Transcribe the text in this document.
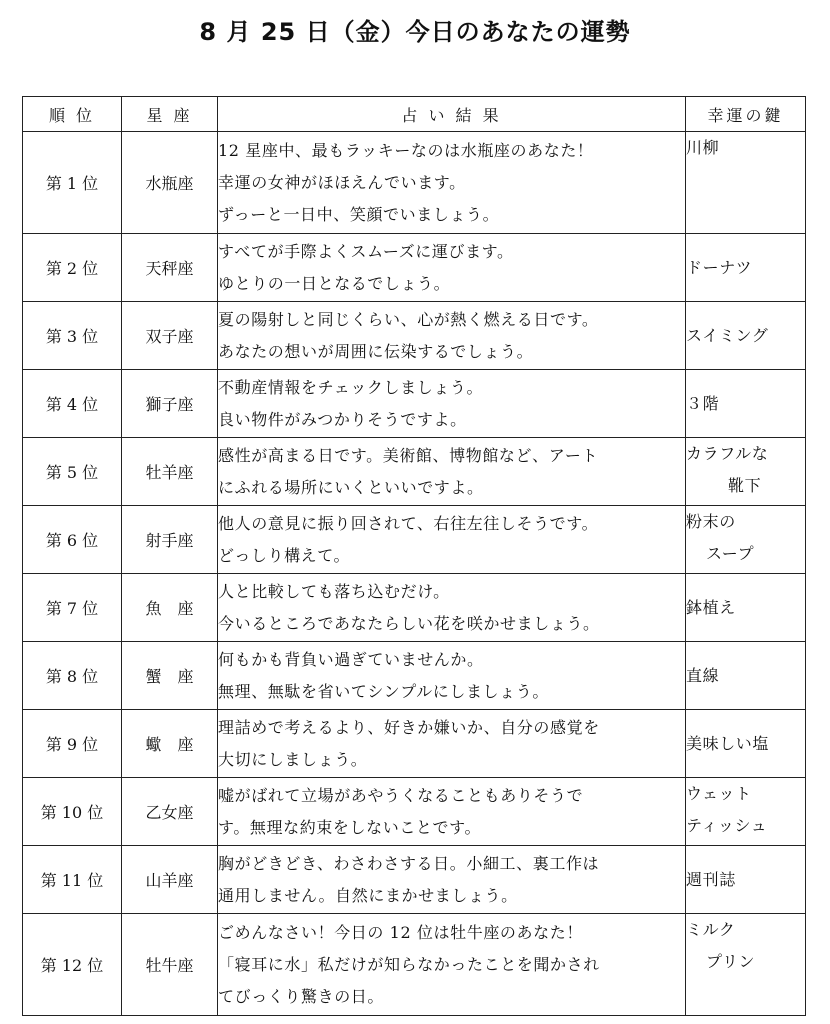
8 月 25 日（金）今日のあなたの運勢
順 位	星 座	占 い 結 果	幸運の鍵
第 1 位	水瓶座	12 星座中、最もラッキーなのは水瓶座のあなた！
幸運の女神がほほえんでいます。
ずっーと一日中、笑顔でいましょう。	川柳

第 2 位	天秤座	すべてが手際よくスムーズに運びます。
ゆとりの一日となるでしょう。	ドーナツ

第 3 位	双子座	夏の陽射しと同じくらい、心が熱く燃える日です。
あなたの想いが周囲に伝染するでしょう。	スイミング

第 4 位	獅子座	不動産情報をチェックしましょう。
良い物件がみつかりそうですよ。	３階

第 5 位	牡羊座	感性が高まる日です。美術館、博物館など、アート
にふれる場所にいくといいですよ。	カラフルな
靴下

第 6 位	射手座	他人の意見に振り回されて、右往左往しそうです。
どっしり構えて。	粉末の
スープ

第 7 位	魚　座	人と比較しても落ち込むだけ。
今いるところであなたらしい花を咲かせましょう。	鉢植え

第 8 位	蟹　座	何もかも背負い過ぎていませんか。
無理、無駄を省いてシンプルにしましょう。	直線

第 9 位	蠍　座	理詰めで考えるより、好きか嫌いか、自分の感覚を
大切にしましょう。	美味しい塩

第 10 位	乙女座	嘘がばれて立場があやうくなることもありそうで
す。無理な約束をしないことです。	ウェット
ティッシュ

第 11 位	山羊座	胸がどきどき、わさわさする日。小細工、裏工作は
通用しません。自然にまかせましょう。	週刊誌

第 12 位	牡牛座	ごめんなさい！今日の 12 位は牡牛座のあなた！
「寝耳に水」私だけが知らなかったことを聞かされ
てびっくり驚きの日。	ミルク
プリン
